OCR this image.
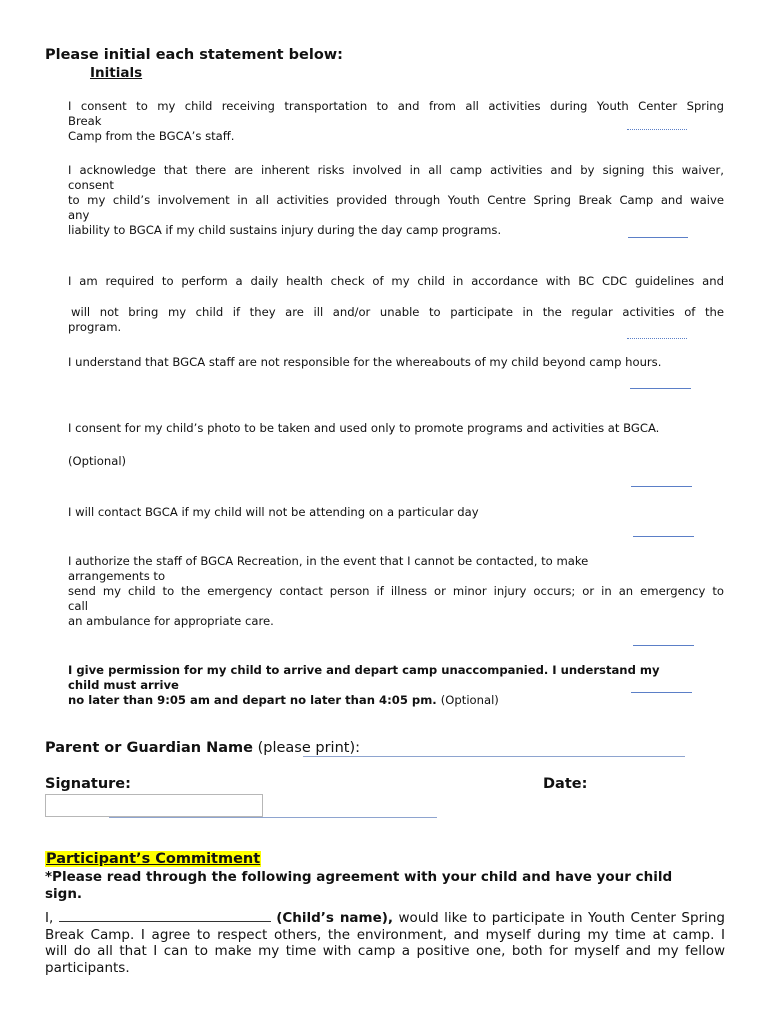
Please initial each statement below:
Initials
I consent to my child receiving transportation to and from all activities during Youth Center Spring
Break
Camp from the BGCA’s staff.
I acknowledge that there are inherent risks involved in all camp activities and by signing this waiver,
consent
to my child’s involvement in all activities provided through Youth Centre Spring Break Camp and waive
any
liability to BGCA if my child sustains injury during the day camp programs.
I am required to perform a daily health check of my child in accordance with BC CDC guidelines and
will not bring my child if they are ill and/or unable to participate in the regular activities of the
program.
I understand that BGCA staff are not responsible for the whereabouts of my child beyond camp hours.
I consent for my child’s photo to be taken and used only to promote programs and activities at BGCA.
(Optional)
I will contact BGCA if my child will not be attending on a particular day
I authorize the staff of BGCA Recreation, in the event that I cannot be contacted, to make
arrangements to
send my child to the emergency contact person if illness or minor injury occurs; or in an emergency to
call
an ambulance for appropriate care.
I give permission for my child to arrive and depart camp unaccompanied. I understand my
child must arrive
no later than 9:05 am and depart no later than 4:05 pm. (Optional)
Parent or Guardian Name (please print):
Signature:	Date:
Participant’s Commitment
*Please read through the following agreement with your child and have your child
sign.
I,	(Child’s name), would like to participate in Youth Center Spring
Break Camp. I agree to respect others, the environment, and myself during my time at camp. I
will do all that I can to make my time with camp a positive one, both for myself and my fellow
participants.
